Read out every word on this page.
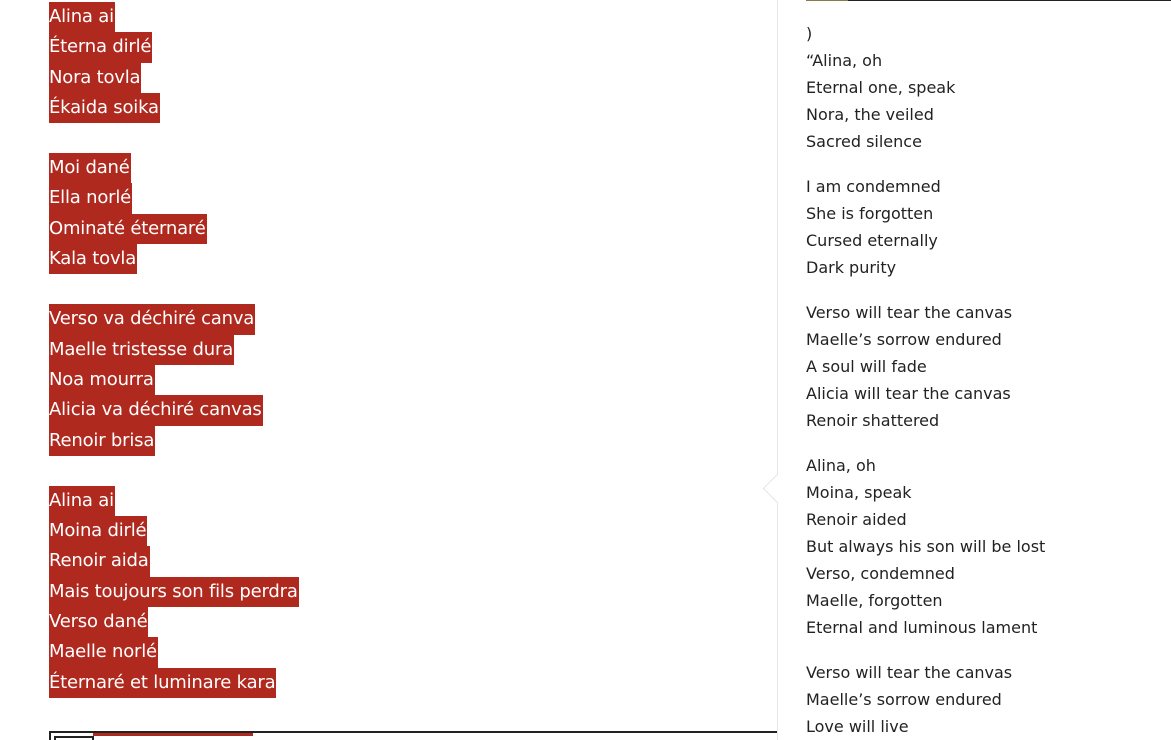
Alina ai
Éterna dirlé
Nora tovla
Ékaida soika
Moi dané
Ella norlé
Ominaté éternaré
Kala tovla
Verso va déchiré canva
Maelle tristesse dura
Noa mourra
Alicia va déchiré canvas
Renoir brisa
Alina ai
Moina dirlé
Renoir aida
Mais toujours son fils perdra
Verso dané
Maelle norlé
Éternaré et luminare kara
)
“Alina, oh
Eternal one, speak
Nora, the veiled
Sacred silence
I am condemned
She is forgotten
Cursed eternally
Dark purity
Verso will tear the canvas
Maelle’s sorrow endured
A soul will fade
Alicia will tear the canvas
Renoir shattered
Alina, oh
Moina, speak
Renoir aided
But always his son will be lost
Verso, condemned
Maelle, forgotten
Eternal and luminous lament
Verso will tear the canvas
Maelle’s sorrow endured
Love will live
